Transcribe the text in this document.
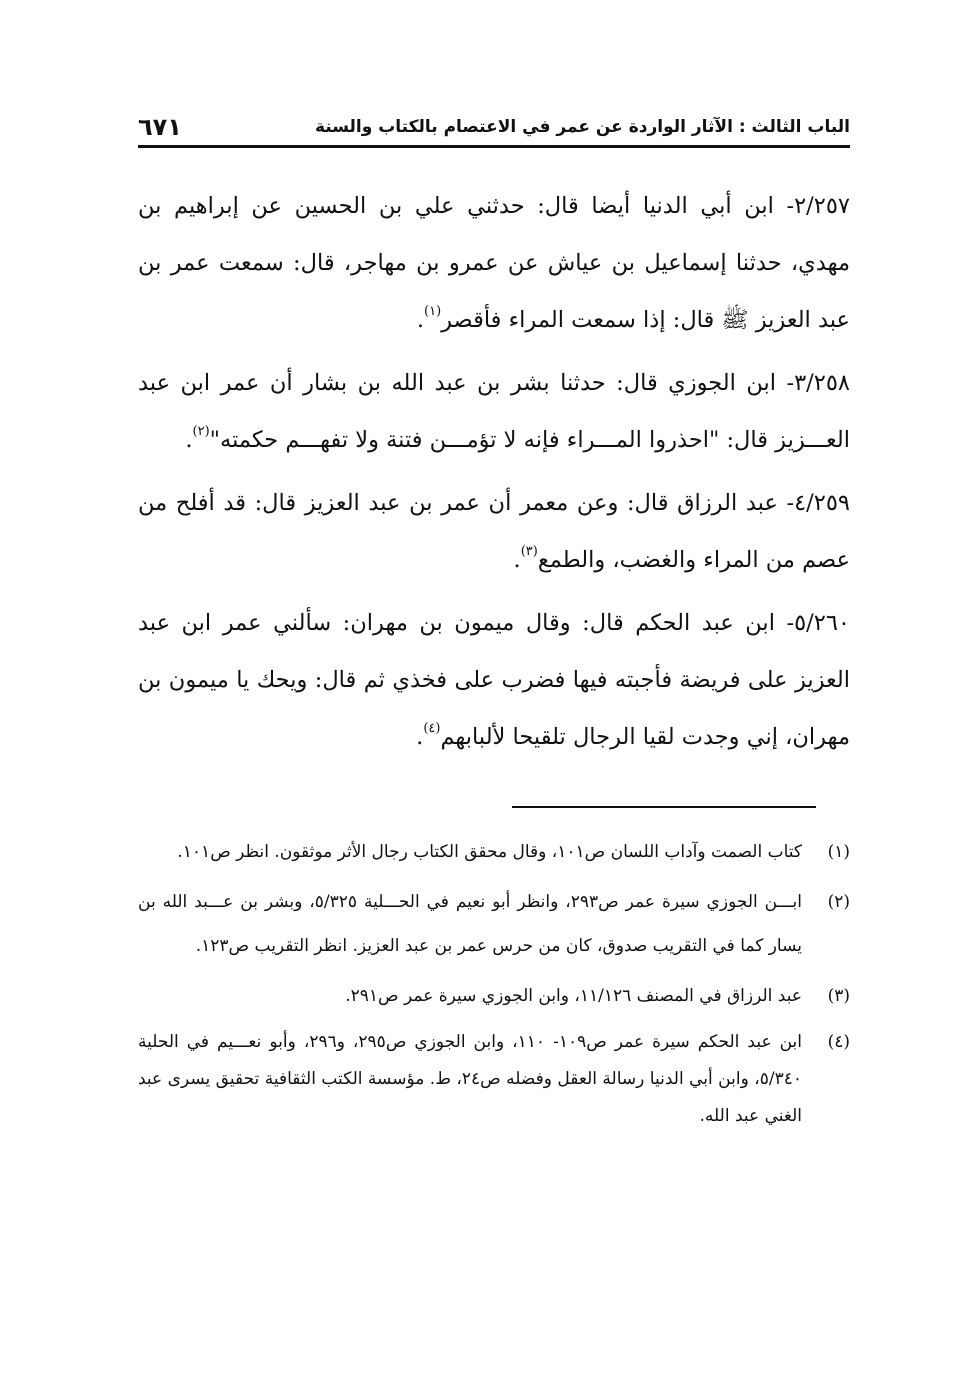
الباب الثالث : الآثار الواردة عن عمر في الاعتصام بالكتاب والسنة
٦٧١

٢/٢٥٧- ابن أبي الدنيا أيضا قال: حدثني علي بن الحسين عن إبراهيم بن مهدي، حدثنا إسماعيل بن عياش عن عمرو بن مهاجر، قال: سمعت عمر بن عبد العزيز ﷺ قال: إذا سمعت المراء فأقصر$^{(١)}$.

٣/٢٥٨- ابن الجوزي قال: حدثنا بشر بن عبد الله بن بشار أن عمر ابن عبد العـــزيز قال: "احذروا المـــراء فإنه لا تؤمـــن فتنة ولا تفهـــم حكمته"$^{(٢)}$.

٤/٢٥٩- عبد الرزاق قال: وعن معمر أن عمر بن عبد العزيز قال: قد أفلح من عصم من المراء والغضب، والطمع$^{(٣)}$.

٥/٢٦٠- ابن عبد الحكم قال: وقال ميمون بن مهران: سألني عمر ابن عبد العزيز على فريضة فأجبته فيها فضرب على فخذي ثم قال: ويحك يا ميمون بن مهران، إني وجدت لقيا الرجال تلقيحا لألبابهم$^{(٤)}$.

(١)
كتاب الصمت وآداب اللسان ص١٠١، وقال محقق الكتاب رجال الأثر موثقون. انظر ص١٠١.
(٢)
ابـــن الجوزي سيرة عمر ص٢٩٣، وانظر أبو نعيم في الحـــلية ٥/٣٢٥، وبشر بن عـــبد الله بن يسار كما في التقريب صدوق، كان من حرس عمر بن عبد العزيز. انظر التقريب ص١٢٣.
(٣)
عبد الرزاق في المصنف ١١/١٢٦، وابن الجوزي سيرة عمر ص٢٩١.
(٤)
ابن عبد الحكم سيرة عمر ص١٠٩- ١١٠، وابن الجوزي ص٢٩٥، و٢٩٦، وأبو نعـــيم في الحلية ٥/٣٤٠، وابن أبي الدنيا رسالة العقل وفضله ص٢٤، ط. مؤسسة الكتب الثقافية تحقيق يسرى عبد الغني عبد الله.
